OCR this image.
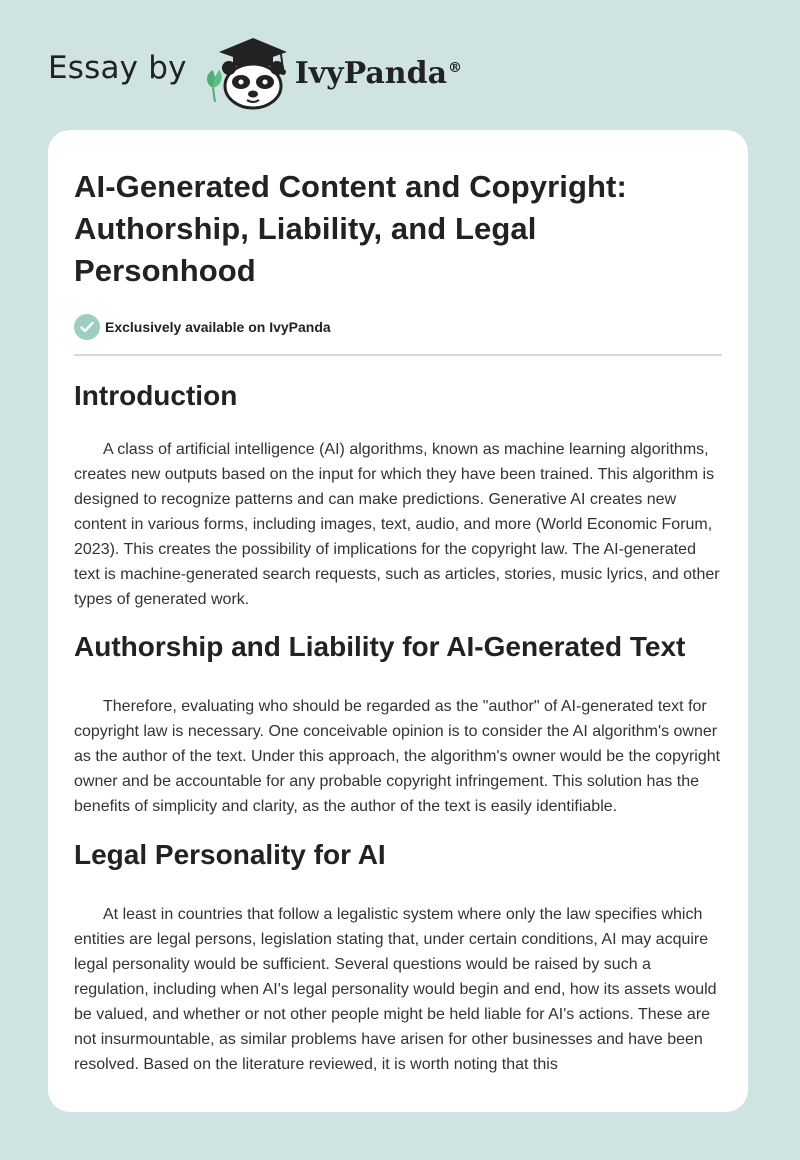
Essay by	IvyPanda®
AI-Generated Content and Copyright: Authorship, Liability, and Legal Personhood
Exclusively available on IvyPanda
Introduction

A class of artificial intelligence (AI) algorithms, known as machine learning algorithms, creates new outputs based on the input for which they have been trained. This algorithm is designed to recognize patterns and can make predictions. Generative AI creates new content in various forms, including images, text, audio, and more (World Economic Forum, 2023). This creates the possibility of implications for the copyright law. The AI-generated text is machine-generated search requests, such as articles, stories, music lyrics, and other types of generated work.

Authorship and Liability for AI-Generated Text

Therefore, evaluating who should be regarded as the "author" of AI-generated text for copyright law is necessary. One conceivable opinion is to consider the AI algorithm's owner as the author of the text. Under this approach, the algorithm's owner would be the copyright owner and be accountable for any probable copyright infringement. This solution has the benefits of simplicity and clarity, as the author of the text is easily identifiable.

Legal Personality for AI

At least in countries that follow a legalistic system where only the law specifies which entities are legal persons, legislation stating that, under certain conditions, AI may acquire legal personality would be sufficient. Several questions would be raised by such a regulation, including when AI's legal personality would begin and end, how its assets would be valued, and whether or not other people might be held liable for AI's actions. These are not insurmountable, as similar problems have arisen for other businesses and have been resolved. Based on the literature reviewed, it is worth noting that this
